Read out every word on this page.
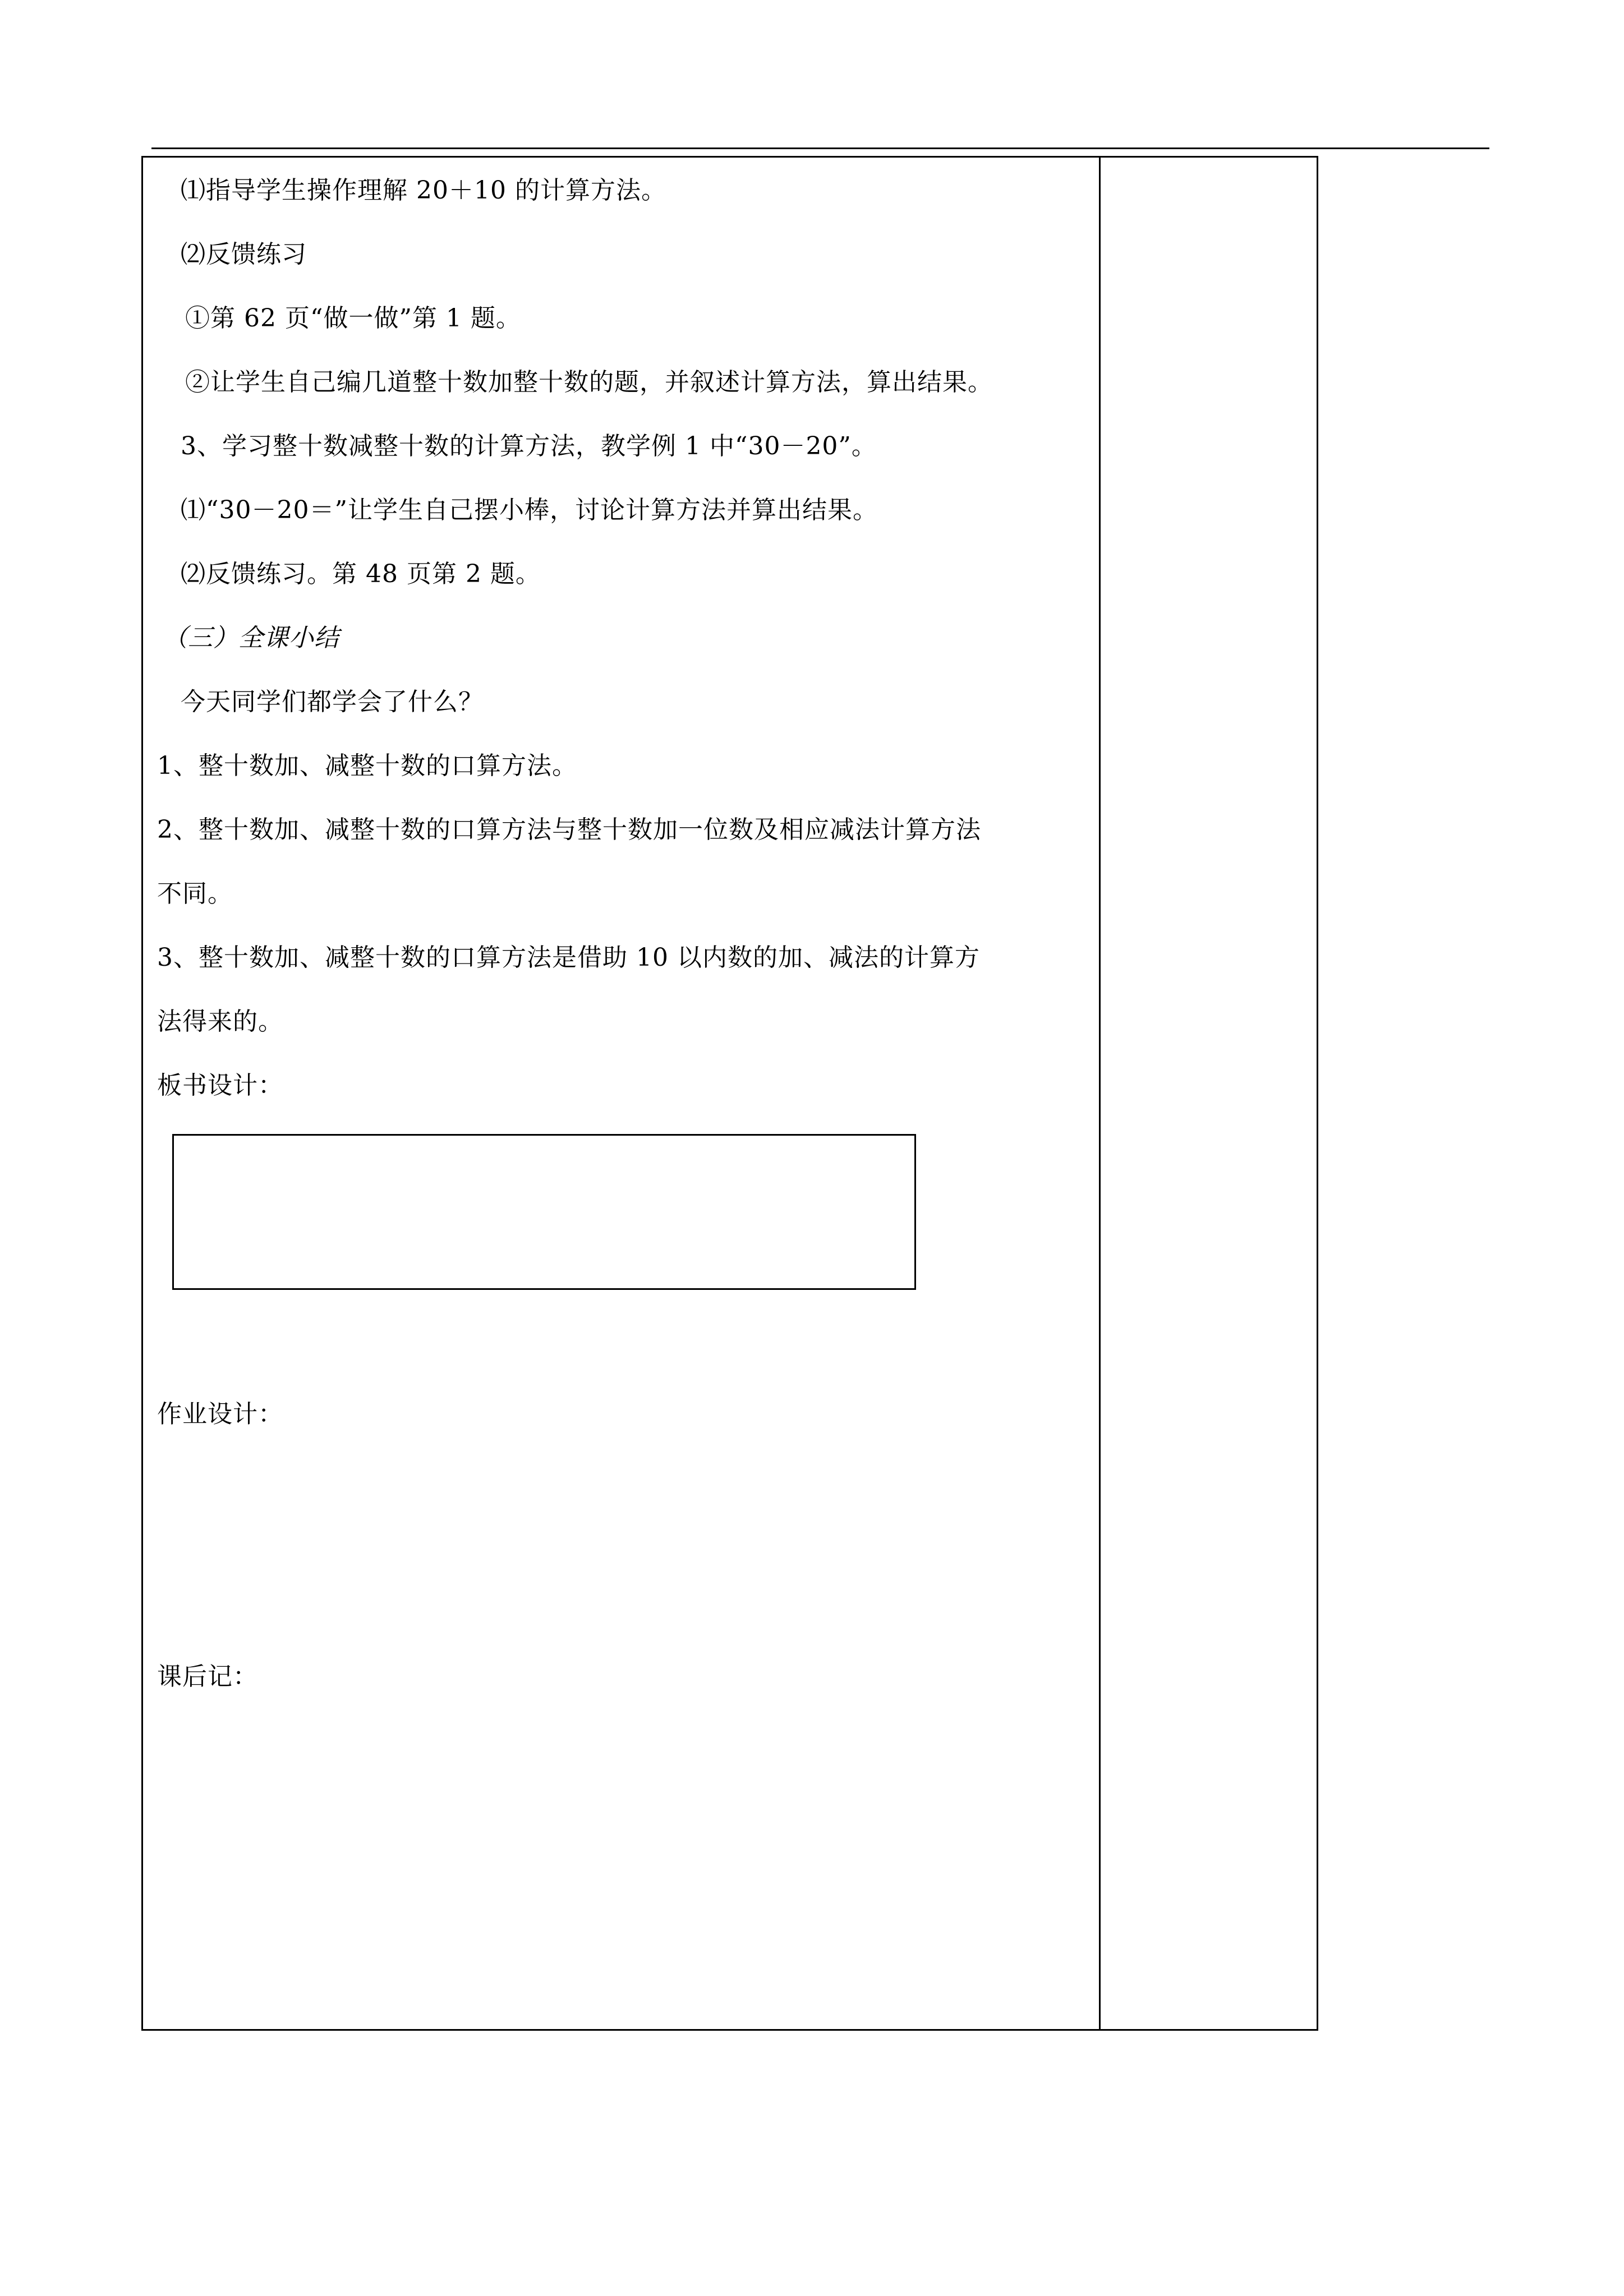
⑴指导学生操作理解 20＋10 的计算方法。
⑵反馈练习
①第 62 页“做一做”第 1 题。
②让学生自己编几道整十数加整十数的题，并叙述计算方法，算出结果。
3、学习整十数减整十数的计算方法，教学例 1 中“30－20”。
⑴“30－20＝”让学生自己摆小棒，讨论计算方法并算出结果。
⑵反馈练习。第 48 页第 2 题。
（三）全课小结
今天同学们都学会了什么？
1、整十数加、减整十数的口算方法。
2、整十数加、减整十数的口算方法与整十数加一位数及相应减法计算方法
不同。
3、整十数加、减整十数的口算方法是借助 10 以内数的加、减法的计算方
法得来的。
板书设计：
作业设计：
课后记：
